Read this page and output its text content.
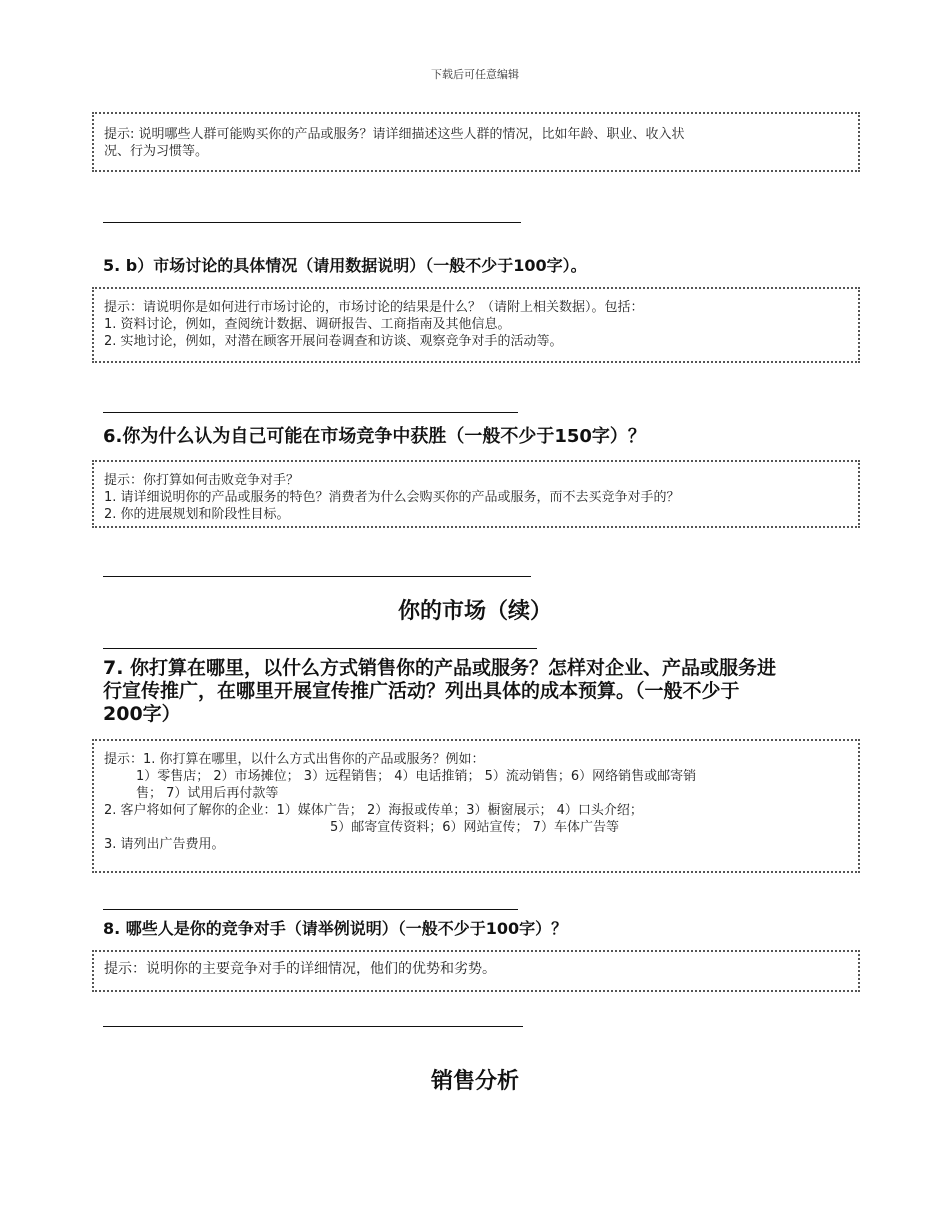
下载后可任意编辑

提示: 说明哪些人群可能购买你的产品或服务？请详细描述这些人群的情况，比如年龄、职业、收入状

况、行为习惯等。

5. b）市场讨论的具体情况（请用数据说明）（一般不少于100字）。

提示：请说明你是如何进行市场讨论的，市场讨论的结果是什么？（请附上相关数据）。包括：

1. 资料讨论，例如，查阅统计数据、调研报告、工商指南及其他信息。

2. 实地讨论，例如，对潜在顾客开展问卷调查和访谈、观察竞争对手的活动等。

6.你为什么认为自己可能在市场竞争中获胜（一般不少于150字）？

提示：你打算如何击败竞争对手？

1. 请详细说明你的产品或服务的特色？消费者为什么会购买你的产品或服务，而不去买竞争对手的？

2. 你的进展规划和阶段性目标。

你的市场（续）
7. 你打算在哪里，以什么方式销售你的产品或服务？怎样对企业、产品或服务进
行宣传推广，在哪里开展宣传推广活动？列出具体的成本预算。（一般不少于
200字）

提示：1. 你打算在哪里，以什么方式出售你的产品或服务？例如：

1）零售店； 2）市场摊位； 3）远程销售； 4）电话推销； 5）流动销售；6）网络销售或邮寄销

售； 7）试用后再付款等

2. 客户将如何了解你的企业：1）媒体广告； 2）海报或传单；3）橱窗展示； 4）口头介绍；

5）邮寄宣传资料；6）网站宣传； 7）车体广告等

3. 请列出广告费用。

8. 哪些人是你的竞争对手（请举例说明）（一般不少于100字）？

提示：说明你的主要竞争对手的详细情况，他们的优势和劣势。

销售分析
